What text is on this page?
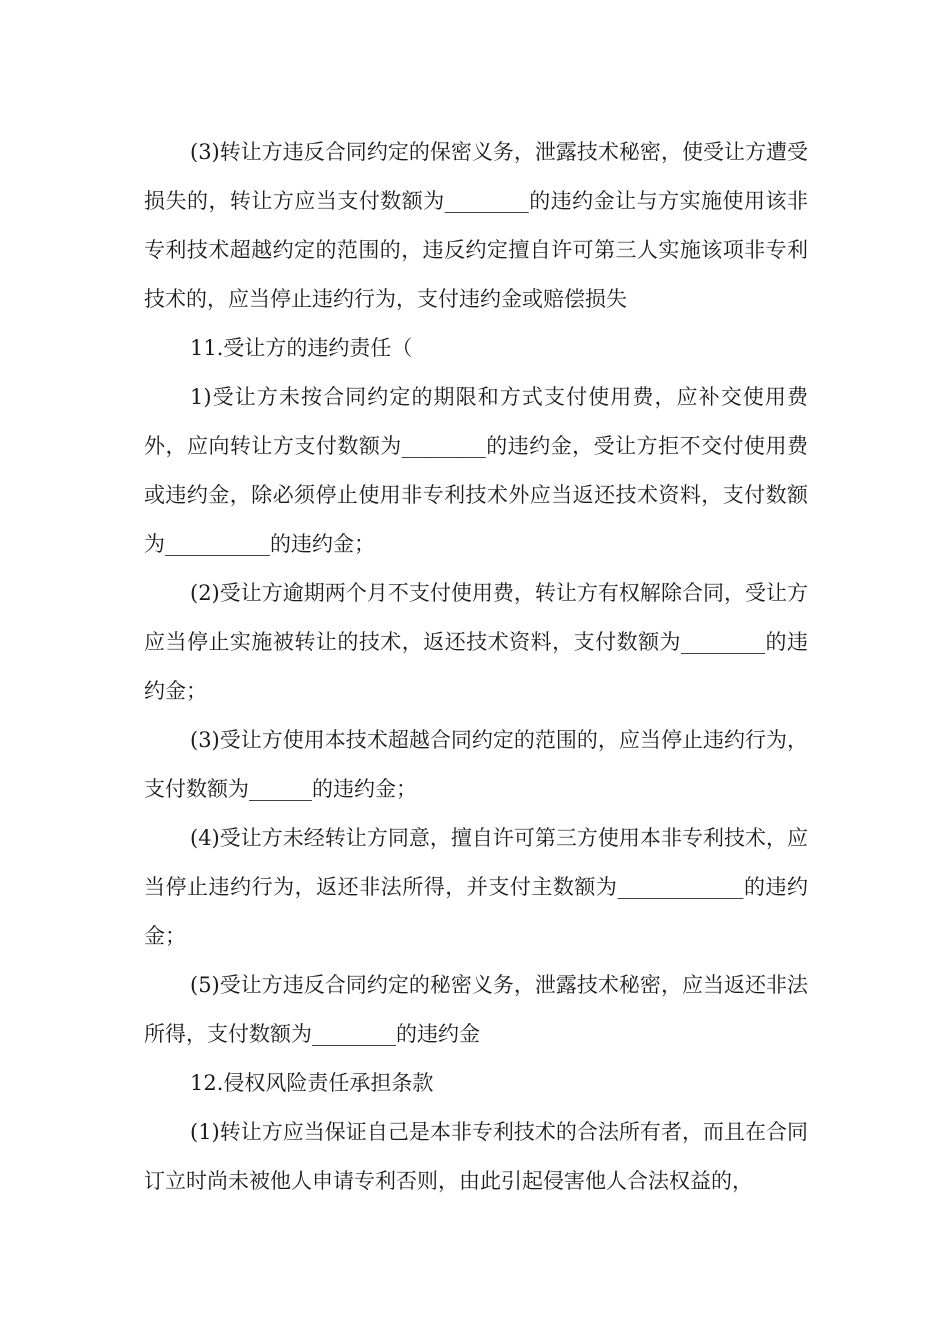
(3)转让方违反合同约定的保密义务，泄露技术秘密，使受让方遭受损失的，转让方应当支付数额为________的违约金让与方实施使用该非专利技术超越约定的范围的，违反约定擅自许可第三人实施该项非专利技术的，应当停止违约行为，支付违约金或赔偿损失

11.受让方的违约责任（

1)受让方未按合同约定的期限和方式支付使用费，应补交使用费外，应向转让方支付数额为________的违约金，受让方拒不交付使用费或违约金，除必须停止使用非专利技术外应当返还技术资料，支付数额为__________的违约金；

(2)受让方逾期两个月不支付使用费，转让方有权解除合同，受让方应当停止实施被转让的技术，返还技术资料，支付数额为________的违约金；

(3)受让方使用本技术超越合同约定的范围的，应当停止违约行为，支付数额为______的违约金；

(4)受让方未经转让方同意，擅自许可第三方使用本非专利技术，应当停止违约行为，返还非法所得，并支付主数额为____________的违约金；

(5)受让方违反合同约定的秘密义务，泄露技术秘密，应当返还非法所得，支付数额为________的违约金

12.侵权风险责任承担条款

(1)转让方应当保证自己是本非专利技术的合法所有者，而且在合同订立时尚未被他人申请专利否则，由此引起侵害他人合法权益的，
